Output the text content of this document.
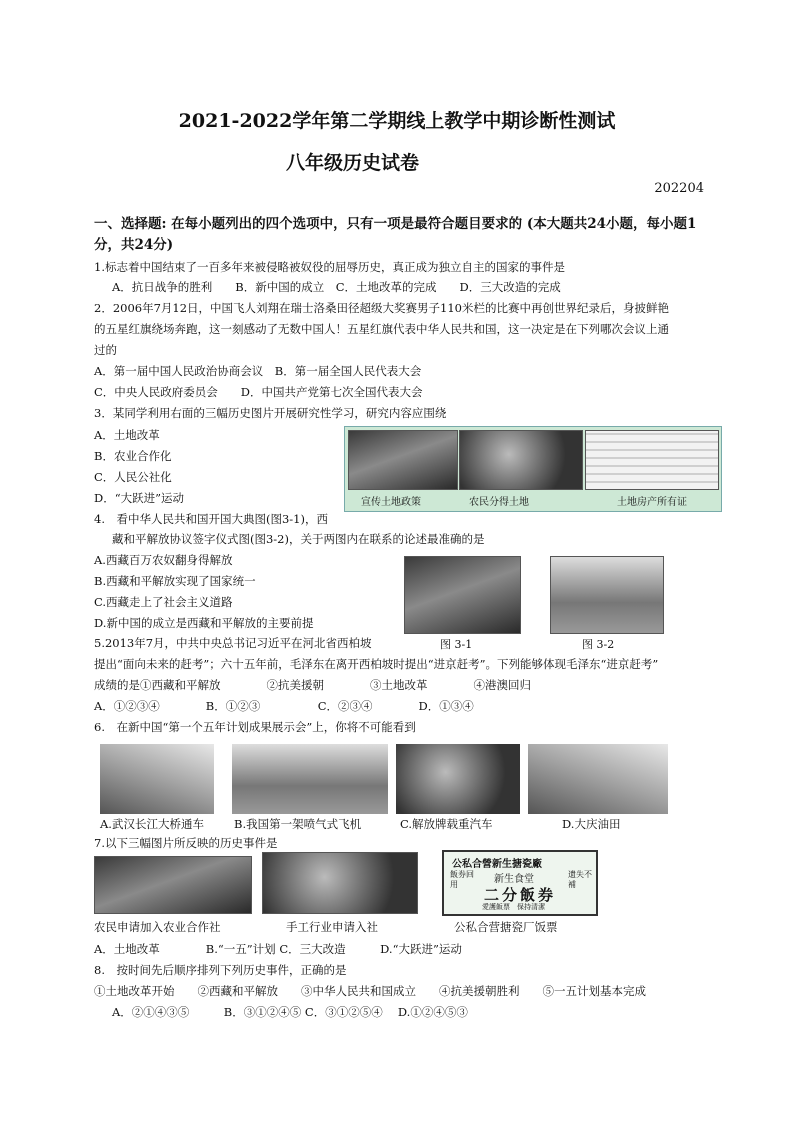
2021-2022学年第二学期线上教学中期诊断性测试
八年级历史试卷
202204
一、选择题: 在每小题列出的四个选项中，只有一项是最符合题目要求的 (本大题共24小题，每小题1分，共24分)
1.标志着中国结束了一百多年来被侵略被奴役的屈辱历史，真正成为独立自主的国家的事件是
A．抗日战争的胜利　　B．新中国的成立　C．土地改革的完成　　D．三大改造的完成
2．2006年7月12日，中国飞人刘翔在瑞士洛桑田径超级大奖赛男子110米栏的比赛中再创世界纪录后，身披鲜艳
的五星红旗绕场奔跑，这一刻感动了无数中国人！五星红旗代表中华人民共和国，这一决定是在下列哪次会议上通
过的
A．第一届中国人民政治协商会议　B．第一届全国人民代表大会
C．中央人民政府委员会　　D．中国共产党第七次全国代表大会
3．某同学利用右面的三幅历史图片开展研究性学习，研究内容应围绕
A．土地改革
B．农业合作化
C．人民公社化
D．“大跃进”运动	宣传土地政策	农民分得土地	土地房产所有证
4.　看中华人民共和国开国大典图(图3-1)，西
藏和平解放协议签字仪式图(图3-2)，关于两图内在联系的论述最准确的是
A.西藏百万农奴翻身得解放
B.西藏和平解放实现了国家统一
C.西藏走上了社会主义道路
D.新中国的成立是西藏和平解放的主要前提
图 3-1	图 3-2
5.2013年7月，中共中央总书记习近平在河北省西柏坡
提出“面向未来的赶考”；六十五年前，毛泽东在离开西柏坡时提出“进京赶考”。下列能够体现毛泽东“进京赶考”
成绩的是①西藏和平解放　　　　②抗美援朝　　　　③土地改革　　　　④港澳回归
A．①②③④　　　　B．①②③　　　　　C．②③④　　　　D．①③④
6.　在新中国“第一个五年计划成果展示会”上，你将不可能看到
A.武汉长江大桥通车	B.我国第一架喷气式飞机	C.解放牌载重汽车	D.大庆油田
7.以下三幅图片所反映的历史事件是
公私合營新生搪瓷廠
新生食堂
二分飯券
飯券回用
遗失不補
愛護飯票　保持清潔
农民申请加入农业合作社	手工行业申请入社	公私合营搪瓷厂饭票
A．土地改革　　　　B.“一五”计划 C．三大改造　　　D.“大跃进”运动
8.　按时间先后顺序排列下列历史事件，正确的是
①土地改革开始　　②西藏和平解放　　③中华人民共和国成立　　④抗美援朝胜利　　⑤一五计划基本完成
A．②①④③⑤　　　B．③①②④⑤ C．③①②⑤④　 D.①②④⑤③
